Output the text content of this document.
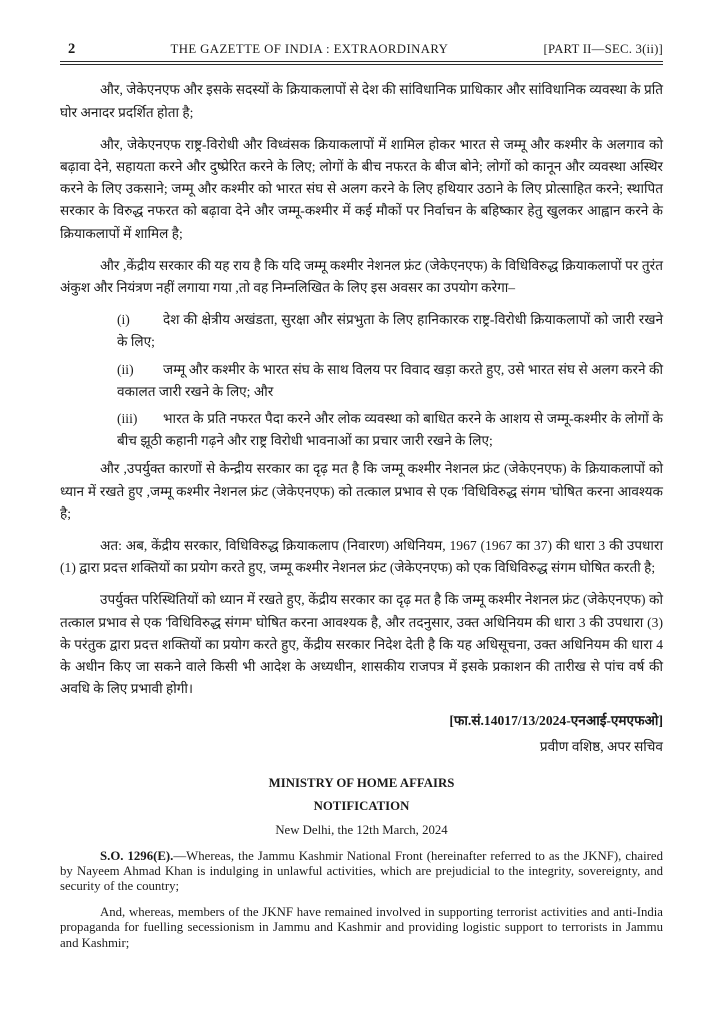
2	THE GAZETTE OF INDIA : EXTRAORDINARY	[PART II—SEC. 3(ii)]

और, जेकेएनएफ और इसके सदस्यों के क्रियाकलापों से देश की सांविधानिक प्राधिकार और सांविधानिक व्यवस्था के प्रति घोर अनादर प्रदर्शित होता है;

और, जेकेएनएफ राष्ट्र-विरोधी और विध्वंसक क्रियाकलापों में शामिल होकर भारत से जम्मू और कश्मीर के अलगाव को बढ़ावा देने, सहायता करने और दुष्प्रेरित करने के लिए; लोगों के बीच नफरत के बीज बोने; लोगों को कानून और व्यवस्था अस्थिर करने के लिए उकसाने; जम्मू और कश्मीर को भारत संघ से अलग करने के लिए हथियार उठाने के लिए प्रोत्साहित करने; स्थापित सरकार के विरुद्ध नफरत को बढ़ावा देने और जम्मू-कश्मीर में कई मौकों पर निर्वाचन के बहिष्कार हेतु खुलकर आह्वान करने के क्रियाकलापों में शामिल है;

और ,केंद्रीय सरकार की यह राय है कि यदि जम्मू कश्मीर नेशनल फ्रंट (जेकेएनएफ) के विधिविरुद्ध क्रियाकलापों पर तुरंत अंकुश और नियंत्रण नहीं लगाया गया ,तो वह निम्नलिखित के लिए इस अवसर का उपयोग करेगा–

(i) देश की क्षेत्रीय अखंडता, सुरक्षा और संप्रभुता के लिए हानिकारक राष्ट्र-विरोधी क्रियाकलापों को जारी रखने के लिए;
(ii) जम्मू और कश्मीर के भारत संघ के साथ विलय पर विवाद खड़ा करते हुए, उसे भारत संघ से अलग करने की वकालत जारी रखने के लिए; और
(iii) भारत के प्रति नफरत पैदा करने और लोक व्यवस्था को बाधित करने के आशय से जम्मू-कश्मीर के लोगों के बीच झूठी कहानी गढ़ने और राष्ट्र विरोधी भावनाओं का प्रचार जारी रखने के लिए;

और ,उपर्युक्त कारणों से केन्द्रीय सरकार का दृढ़ मत है कि जम्मू कश्मीर नेशनल फ्रंट (जेकेएनएफ) के क्रियाकलापों को ध्यान में रखते हुए ,जम्मू कश्मीर नेशनल फ्रंट (जेकेएनएफ) को तत्काल प्रभाव से एक 'विधिविरुद्ध संगम 'घोषित करना आवश्यक है;

अत: अब, केंद्रीय सरकार, विधिविरुद्ध क्रियाकलाप (निवारण) अधिनियम, 1967 (1967 का 37) की धारा 3 की उपधारा (1) द्वारा प्रदत्त शक्तियों का प्रयोग करते हुए, जम्मू कश्मीर नेशनल फ्रंट (जेकेएनएफ) को एक विधिविरुद्ध संगम घोषित करती है;

उपर्युक्त परिस्थितियों को ध्यान में रखते हुए, केंद्रीय सरकार का दृढ़ मत है कि जम्मू कश्मीर नेशनल फ्रंट (जेकेएनएफ) को तत्काल प्रभाव से एक 'विधिविरुद्ध संगम' घोषित करना आवश्यक है, और तदनुसार, उक्त अधिनियम की धारा 3 की उपधारा (3) के परंतुक द्वारा प्रदत्त शक्तियों का प्रयोग करते हुए, केंद्रीय सरकार निदेश देती है कि यह अधिसूचना, उक्त अधिनियम की धारा 4 के अधीन किए जा सकने वाले किसी भी आदेश के अध्यधीन, शासकीय राजपत्र में इसके प्रकाशन की तारीख से पांच वर्ष की अवधि के लिए प्रभावी होगी।

[फा.सं.14017/13/2024-एनआई-एमएफओ]

प्रवीण वशिष्ठ, अपर सचिव

MINISTRY OF HOME AFFAIRS

NOTIFICATION

New Delhi, the 12th March, 2024

S.O. 1296(E).—Whereas, the Jammu Kashmir National Front (hereinafter referred to as the JKNF), chaired by Nayeem Ahmad Khan is indulging in unlawful activities, which are prejudicial to the integrity, sovereignty, and security of the country;

And, whereas, members of the JKNF have remained involved in supporting terrorist activities and anti-India propaganda for fuelling secessionism in Jammu and Kashmir and providing logistic support to terrorists in Jammu and Kashmir;
